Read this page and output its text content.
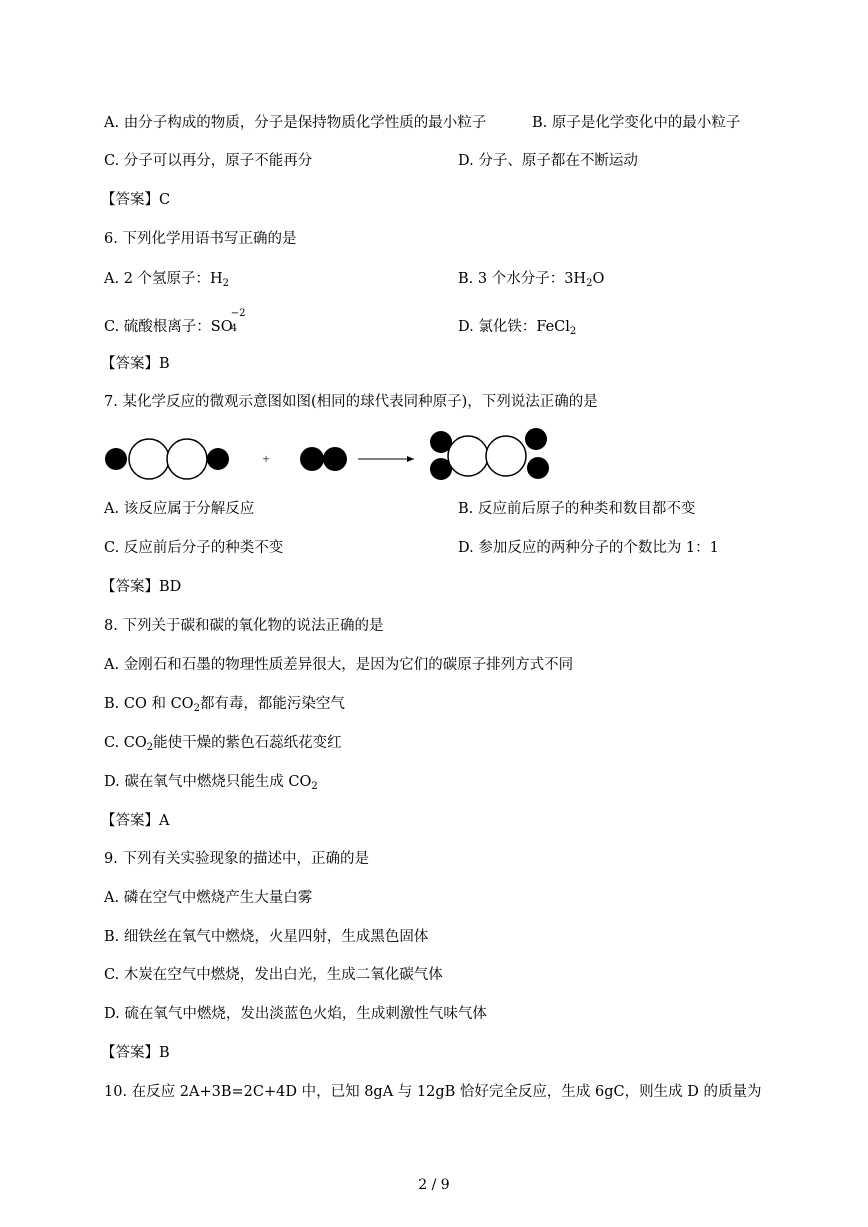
A. 由分子构成的物质，分子是保持物质化学性质的最小粒子	B. 原子是化学变化中的最小粒子
C. 分子可以再分，原子不能再分	D. 分子、原子都在不断运动
【答案】C
6. 下列化学用语书写正确的是
A. 2 个氢原子：$H_2$	B. 3 个水分子：$3H_2O$
C. 硫酸根离子：SO
−2
4	D. 氯化铁：FeCl$_2$
【答案】B
7. 某化学反应的微观示意图如图(相同的球代表同种原子)，下列说法正确的是
+
A. 该反应属于分解反应	B. 反应前后原子的种类和数目都不变
C. 反应前后分子的种类不变	D. 参加反应的两种分子的个数比为 1：1
【答案】BD
8. 下列关于碳和碳的氧化物的说法正确的是
A. 金刚石和石墨的物理性质差异很大，是因为它们的碳原子排列方式不同
B. CO 和 $CO_2$都有毒，都能污染空气
C. $CO_2$能使干燥的紫色石蕊纸花变红
D. 碳在氧气中燃烧只能生成 $CO_2$
【答案】A
9. 下列有关实验现象的描述中，正确的是
A. 磷在空气中燃烧产生大量白雾
B. 细铁丝在氧气中燃烧，火星四射，生成黑色固体
C. 木炭在空气中燃烧，发出白光，生成二氧化碳气体
D. 硫在氧气中燃烧，发出淡蓝色火焰，生成刺激性气味气体
【答案】B
10. 在反应 2A+3B=2C+4D 中，已知 8gA 与 12gB 恰好完全反应，生成 6gC，则生成 D 的质量为
2 / 9
